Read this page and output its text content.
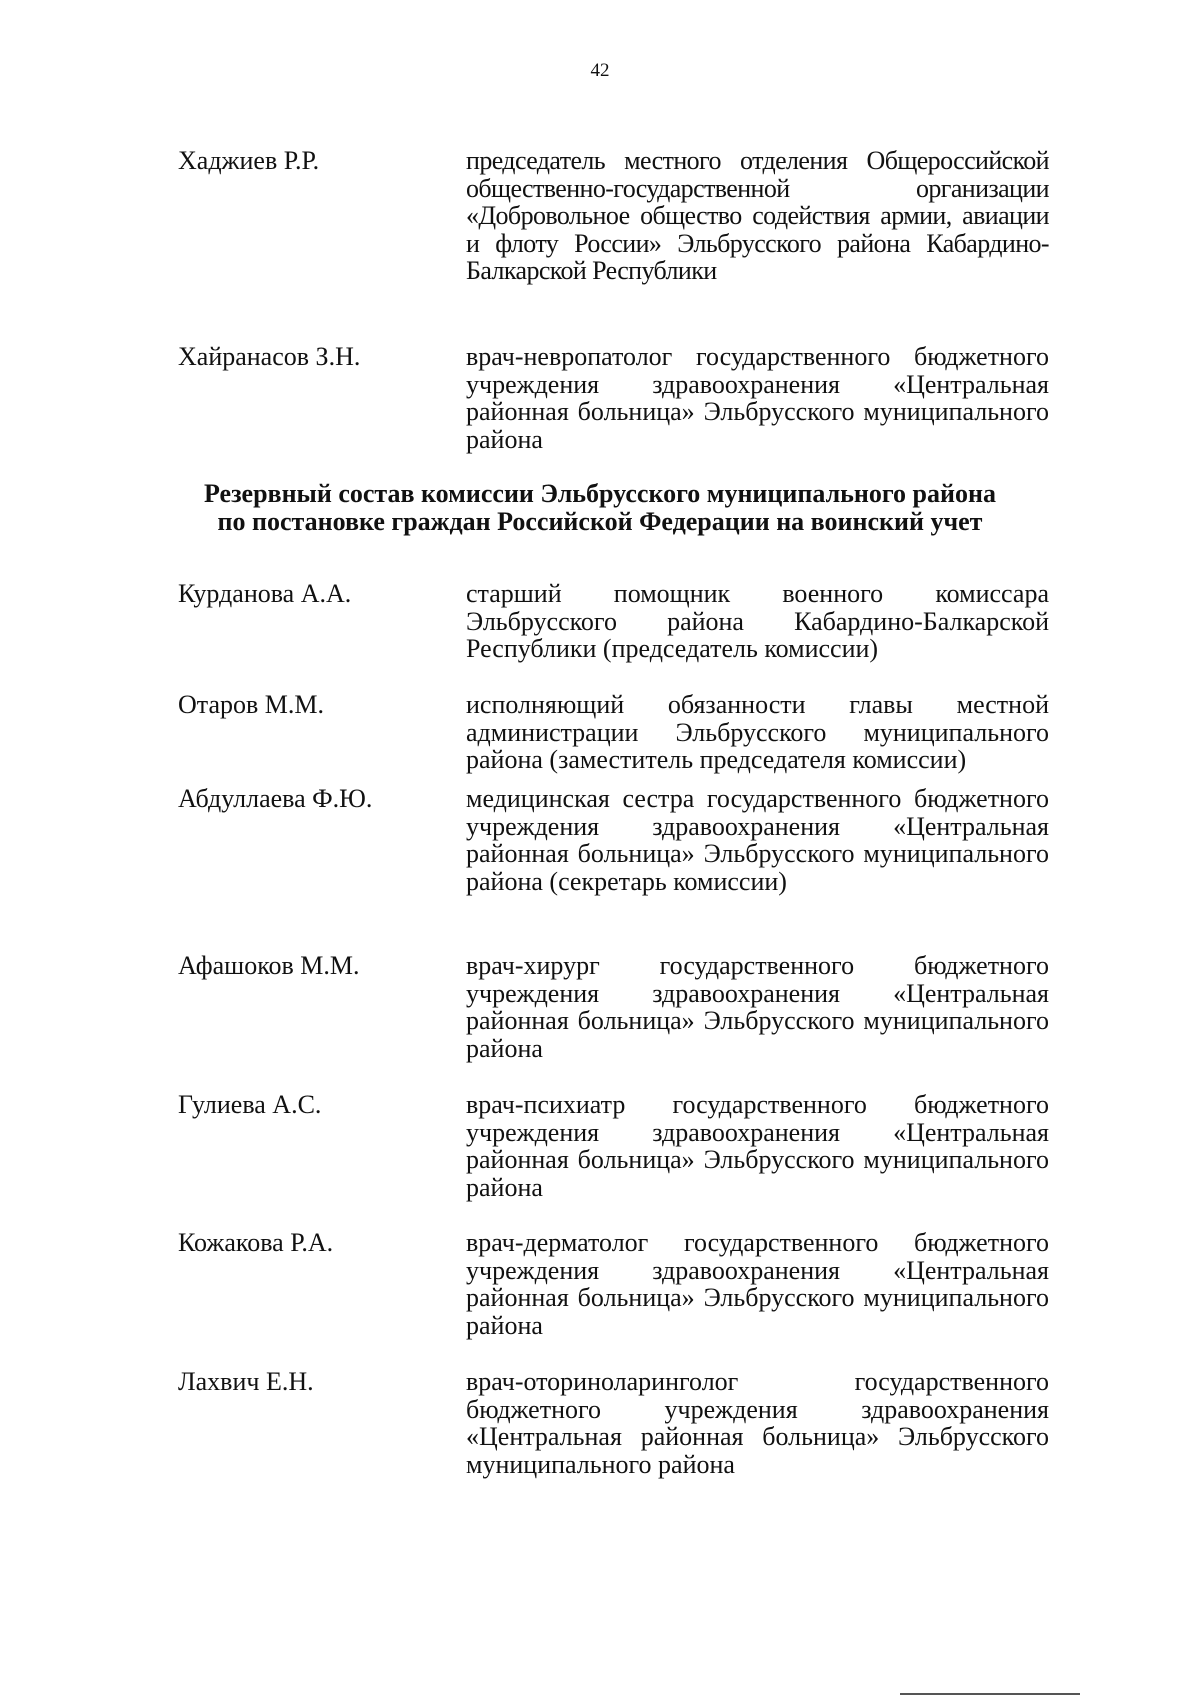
42
Хаджиев Р.Р.	председатель местного отделения Общероссийской общественно-государственной организации «Добровольное общество содействия армии, авиации и флоту России» Эльбрусского района Кабардино-Балкарской Республики
Хайранасов З.Н.	врач-невропатолог государственного бюджетного учреждения здравоохранения «Центральная районная больница» Эльбрусского муниципального района
Резервный состав комиссии Эльбрусского муниципального района по постановке граждан Российской Федерации на воинский учет
Курданова А.А.	старший помощник военного комиссара Эльбрусского района Кабардино-Балкарской Республики (председатель комиссии)
Отаров М.М.	исполняющий обязанности главы местной администрации Эльбрусского муниципального района (заместитель председателя комиссии)
Абдуллаева Ф.Ю.	медицинская сестра государственного бюджетного учреждения здравоохранения «Центральная районная больница» Эльбрусского муниципального района (секретарь комиссии)
Афашоков М.М.	врач-хирург государственного бюджетного учреждения здравоохранения «Центральная районная больница» Эльбрусского муниципального района
Гулиева А.С.	врач-психиатр государственного бюджетного учреждения здравоохранения «Центральная районная больница» Эльбрусского муниципального района
Кожакова Р.А.	врач-дерматолог государственного бюджетного учреждения здравоохранения «Центральная районная больница» Эльбрусского муниципального района
Лахвич Е.Н.	врач-оториноларинголог государственного бюджетного учреждения здравоохранения «Центральная районная больница» Эльбрусского муниципального района
